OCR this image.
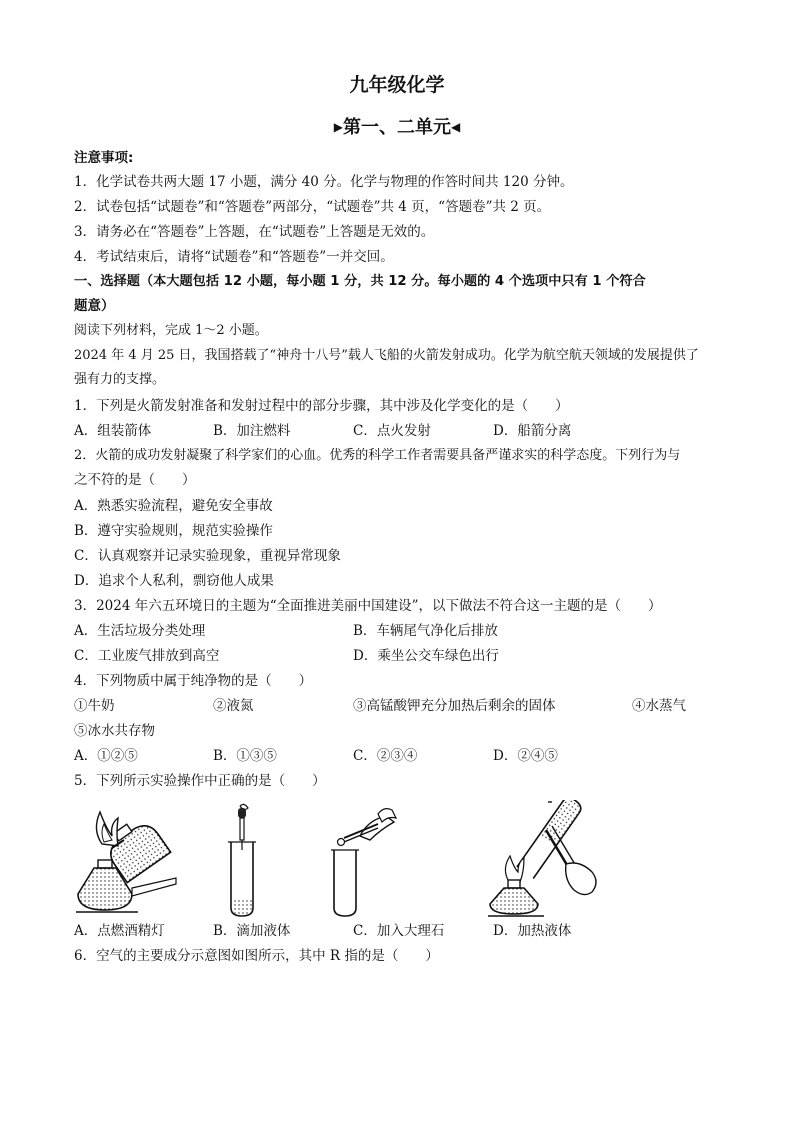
九年级化学
▶第一、二单元◀
注意事项:
1．化学试卷共两大题 17 小题，满分 40 分。化学与物理的作答时间共 120 分钟。
2．试卷包括“试题卷”和“答题卷”两部分，“试题卷”共 4 页，“答题卷”共 2 页。
3．请务必在“答题卷”上答题，在“试题卷”上答题是无效的。
4．考试结束后，请将“试题卷”和“答题卷”一并交回。
一、选择题（本大题包括 12 小题，每小题 1 分，共 12 分。每小题的 4 个选项中只有 1 个符合
题意）
阅读下列材料，完成 1～2 小题。
2024 年 4 月 25 日，我国搭载了“神舟十八号”载人飞船的火箭发射成功。化学为航空航天领域的发展提供了
强有力的支撑。
1．下列是火箭发射准备和发射过程中的部分步骤，其中涉及化学变化的是（　　）
A．组装箭体	B．加注燃料	C．点火发射	D．船箭分离
2．火箭的成功发射凝聚了科学家们的心血。优秀的科学工作者需要具备严谨求实的科学态度。下列行为与
之不符的是（　　）
A．熟悉实验流程，避免安全事故
B．遵守实验规则，规范实验操作
C．认真观察并记录实验现象，重视异常现象
D．追求个人私利，剽窃他人成果
3．2024 年六五环境日的主题为“全面推进美丽中国建设”，以下做法不符合这一主题的是（　　）
A．生活垃圾分类处理	B．车辆尾气净化后排放
C．工业废气排放到高空	D．乘坐公交车绿色出行
4．下列物质中属于纯净物的是（　　）
①牛奶	②液氮	③高锰酸钾充分加热后剩余的固体	④水蒸气
⑤冰水共存物
A．①②⑤	B．①③⑤	C．②③④	D．②④⑤
5．下列所示实验操作中正确的是（　　）
A．点燃酒精灯	B．滴加液体	C．加入大理石	D．加热液体
6．空气的主要成分示意图如图所示，其中 R 指的是（　　）
